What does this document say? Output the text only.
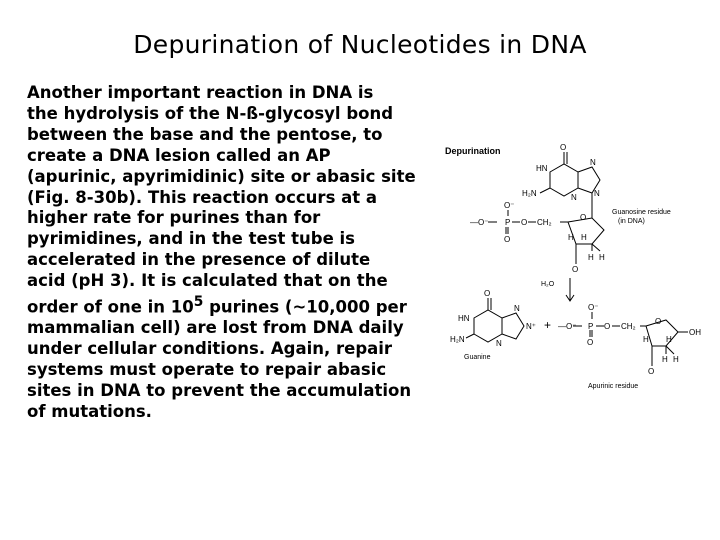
Depurination of Nucleotides in DNA
Another important reaction in DNA is
the hydrolysis of the N-ß-glycosyl bond
between the base and the pentose, to
create a DNA lesion called an AP
(apurinic, apyrimidinic) site or abasic site
(Fig. 8-30b). This reaction occurs at a
higher rate for purines than for
pyrimidines, and in the test tube is
accelerated in the presence of dilute
acid (pH 3). It is calculated that on the
order of one in $10^5$ purines (~10,000 per
mammalian cell) are lost from DNA daily
under cellular conditions. Again, repair
systems must operate to repair abasic
sites in DNA to prevent the accumulation
of mutations.
Depurination	O
HN
N
H₂N	N N
—O⁻
O⁻
P O CH₂
O
O
H H
H H
O
Guanosine residue
(in DNA)
H₂O
O
HN
N
N⁺
H₂N	N
Guanine
+ —O⁻
O⁻
P O CH₂
O
O
OH
H H
H H
O
Apurinic residue
